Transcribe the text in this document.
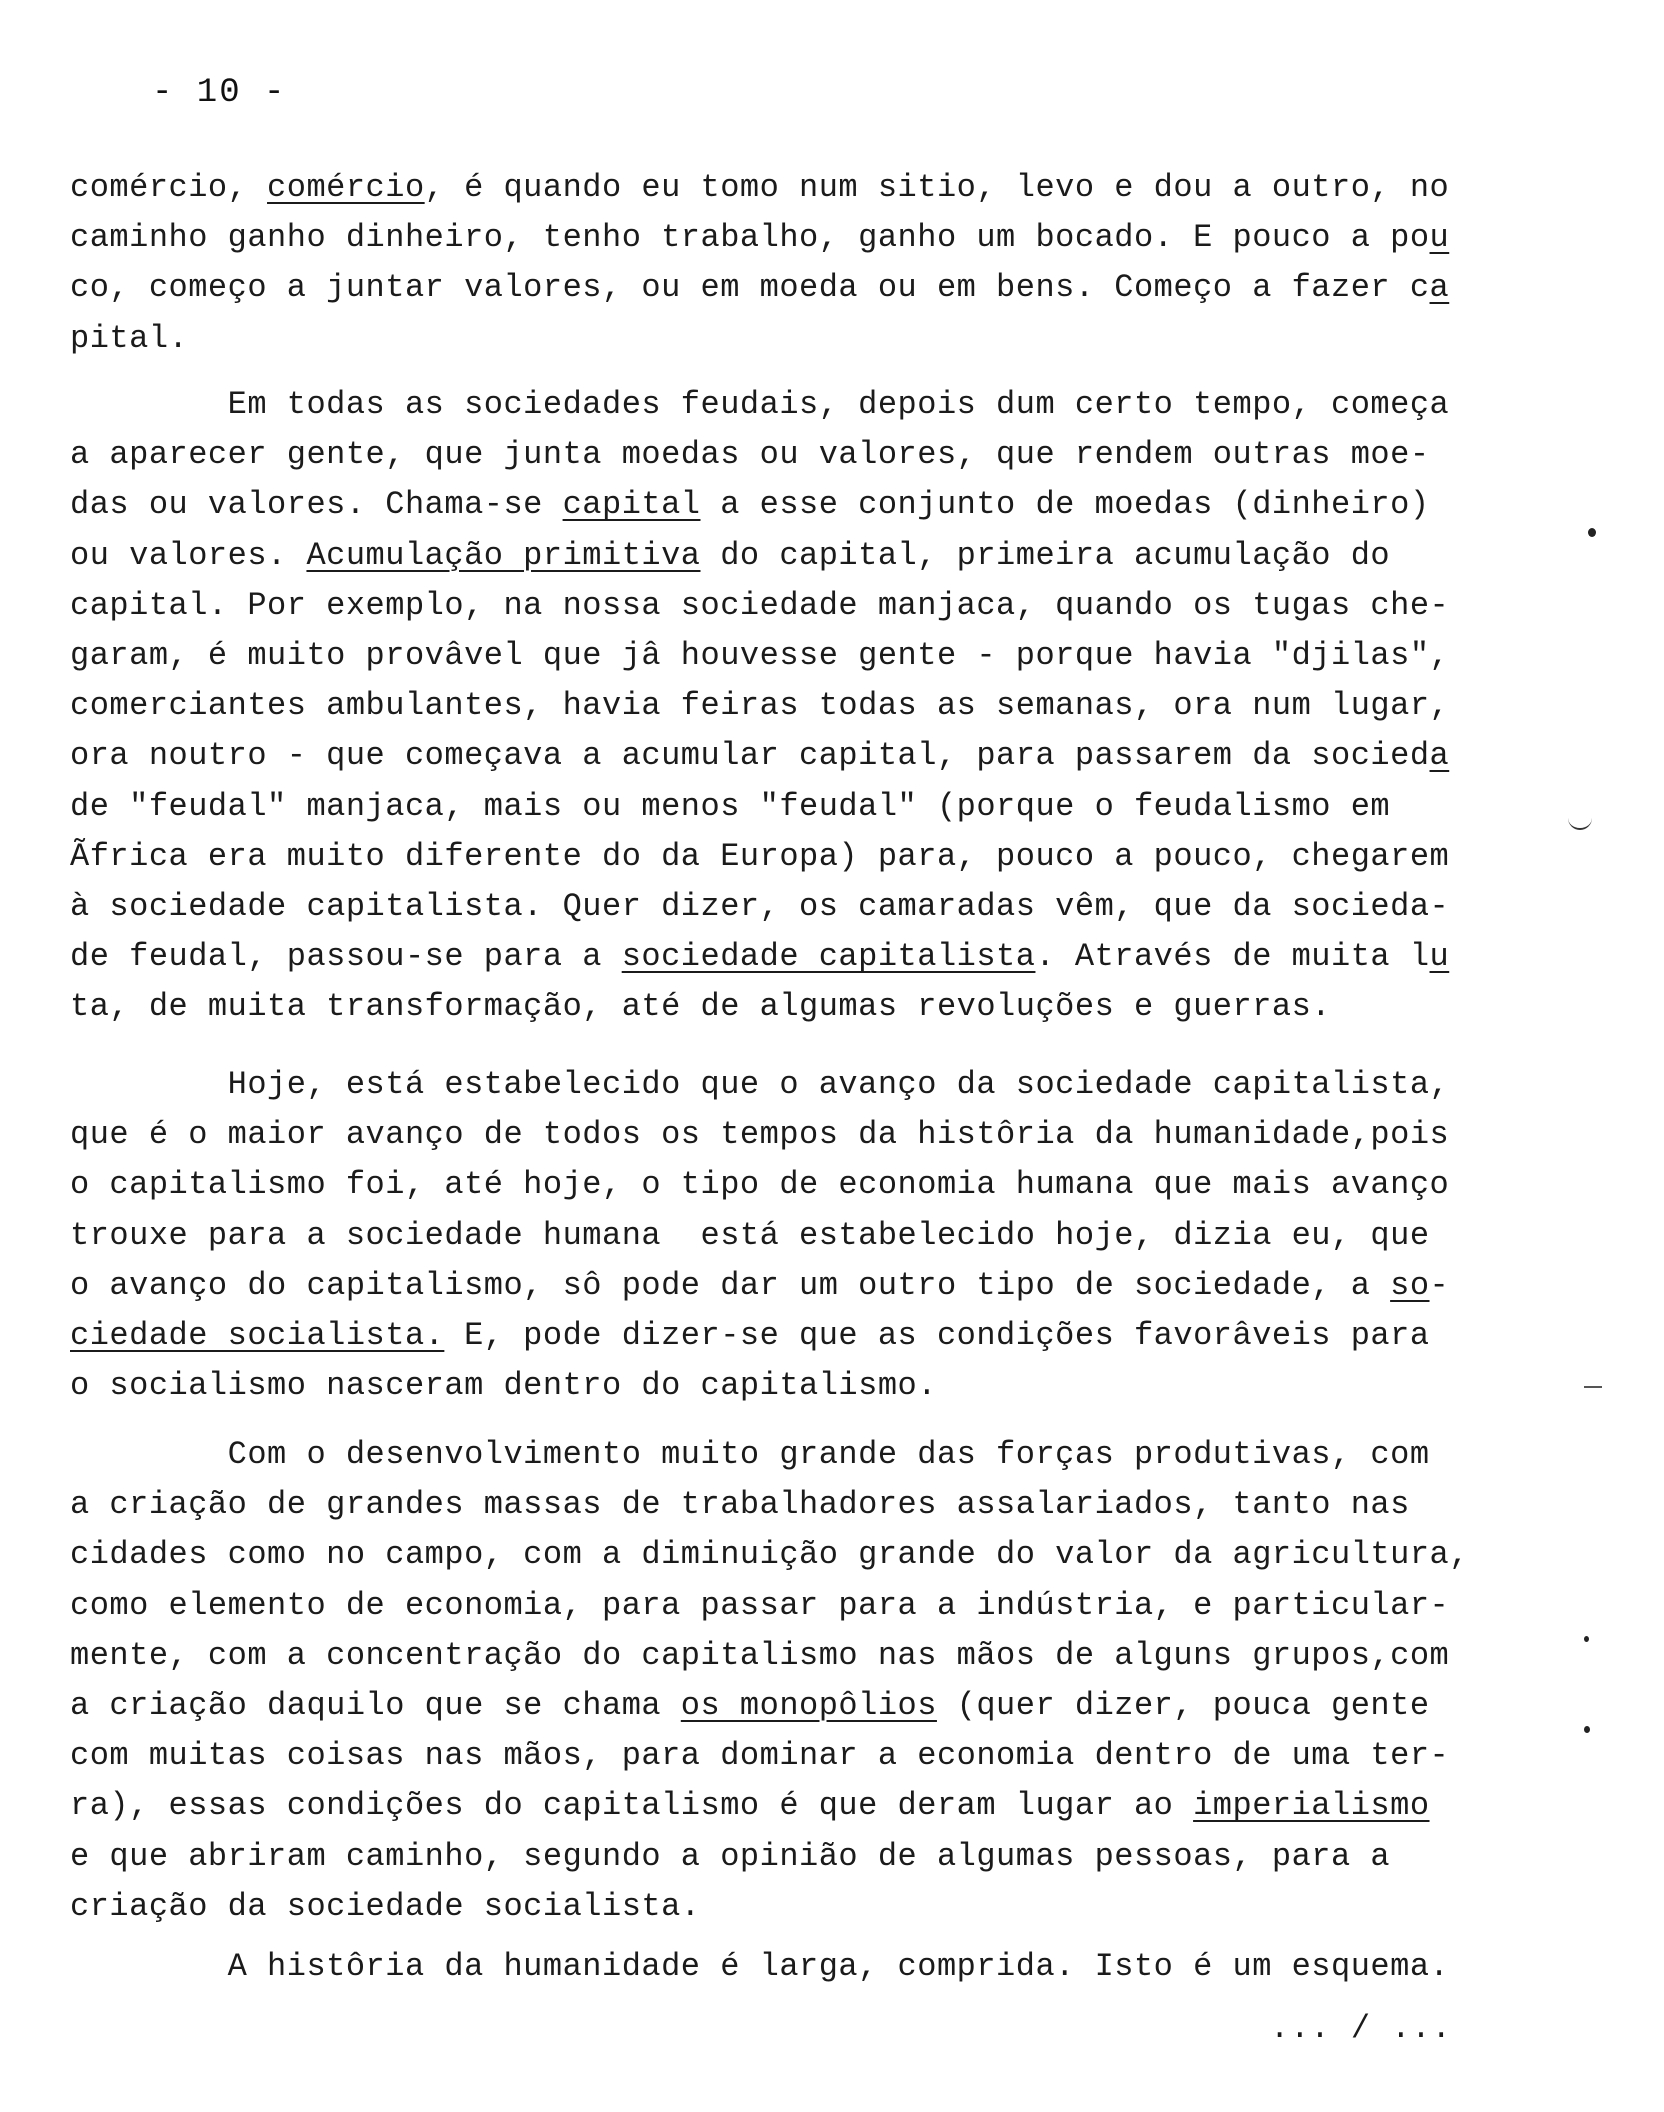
- 10 -
comércio, comércio, é quando eu tomo num sitio, levo e dou a outro, no
caminho ganho dinheiro, tenho trabalho, ganho um bocado. E pouco a pou
co, começo a juntar valores, ou em moeda ou em bens. Começo a fazer ca
pital.
Em todas as sociedades feudais, depois dum certo tempo, começa
a aparecer gente, que junta moedas ou valores, que rendem outras moe-
das ou valores. Chama-se capital a esse conjunto de moedas (dinheiro)
ou valores. Acumulação primitiva do capital, primeira acumulação do
capital. Por exemplo, na nossa sociedade manjaca, quando os tugas che-
garam, é muito provâvel que jâ houvesse gente - porque havia "djilas",
comerciantes ambulantes, havia feiras todas as semanas, ora num lugar,
ora noutro - que começava a acumular capital, para passarem da socieda
de "feudal" manjaca, mais ou menos "feudal" (porque o feudalismo em
Ãfrica era muito diferente do da Europa) para, pouco a pouco, chegarem
à sociedade capitalista. Quer dizer, os camaradas vêm, que da socieda-
de feudal, passou-se para a sociedade capitalista. Através de muita lu
ta, de muita transformação, até de algumas revoluções e guerras.
Hoje, está estabelecido que o avanço da sociedade capitalista,
que é o maior avanço de todos os tempos da histôria da humanidade,pois
o capitalismo foi, até hoje, o tipo de economia humana que mais avanço
trouxe para a sociedade humana  está estabelecido hoje, dizia eu, que
o avanço do capitalismo, sô pode dar um outro tipo de sociedade, a so-
ciedade socialista. E, pode dizer-se que as condições favorâveis para
o socialismo nasceram dentro do capitalismo.
Com o desenvolvimento muito grande das forças produtivas, com
a criação de grandes massas de trabalhadores assalariados, tanto nas
cidades como no campo, com a diminuição grande do valor da agricultura,
como elemento de economia, para passar para a indústria, e particular-
mente, com a concentração do capitalismo nas mãos de alguns grupos,com
a criação daquilo que se chama os monopôlios (quer dizer, pouca gente
com muitas coisas nas mãos, para dominar a economia dentro de uma ter-
ra), essas condições do capitalismo é que deram lugar ao imperialismo
e que abriram caminho, segundo a opinião de algumas pessoas, para a
criação da sociedade socialista.
A histôria da humanidade é larga, comprida. Isto é um esquema.
... / ...
